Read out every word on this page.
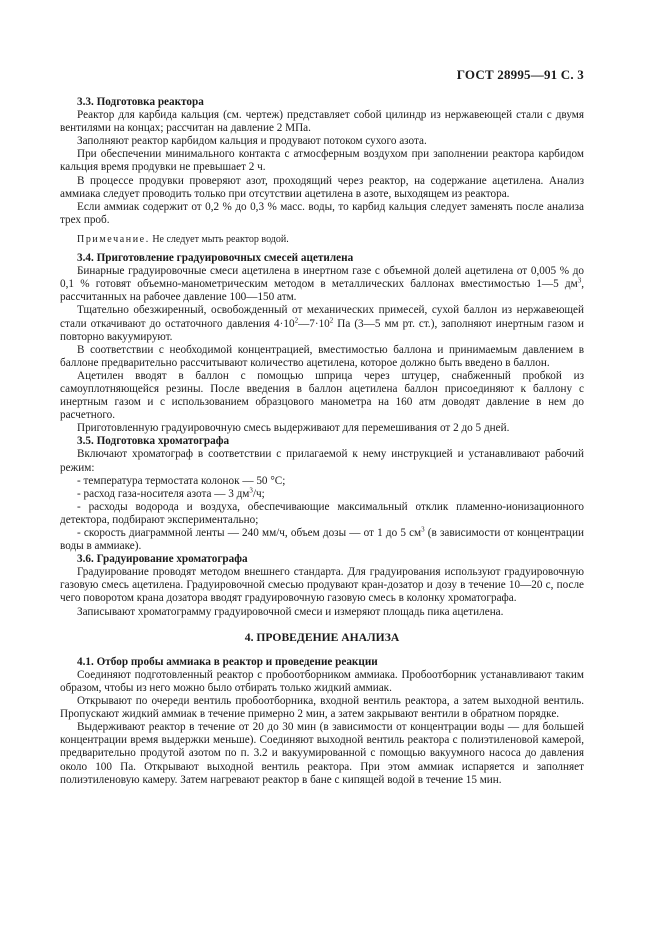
ГОСТ 28995—91 С. 3

3.3. Подготовка реактора

Реактор для карбида кальция (см. чертеж) представляет собой цилиндр из нержавеющей стали с двумя вентилями на концах; рассчитан на давление 2 МПа.

Заполняют реактор карбидом кальция и продувают потоком сухого азота.

При обеспечении минимального контакта с атмосферным воздухом при заполнении реактора карбидом кальция время продувки не превышает 2 ч.

В процессе продувки проверяют азот, проходящий через реактор, на содержание ацетилена. Анализ аммиака следует проводить только при отсутствии ацетилена в азоте, выходящем из реактора.

Если аммиак содержит от 0,2 % до 0,3 % масс. воды, то карбид кальция следует заменять после анализа трех проб.

Примечание. Не следует мыть реактор водой.

3.4. Приготовление градуировочных смесей ацетилена

Бинарные градуировочные смеси ацетилена в инертном газе с объемной долей ацетилена от 0,005 % до 0,1 % готовят объемно-манометрическим методом в металлических баллонах вместимостью 1—5 $дм^3$, рассчитанных на рабочее давление 100—150 атм.

Тщательно обезжиренный, освобожденный от механических примесей, сухой баллон из нержавеющей стали откачивают до остаточного давления $4\cdot 10^2—7\cdot 10^2$ Па (3—5 мм рт. ст.), заполняют инертным газом и повторно вакуумируют.

В соответствии с необходимой концентрацией, вместимостью баллона и принимаемым давлением в баллоне предварительно рассчитывают количество ацетилена, которое должно быть введено в баллон.

Ацетилен вводят в баллон с помощью шприца через штуцер, снабженный пробкой из самоуплотняющейся резины. После введения в баллон ацетилена баллон присоединяют к баллону с инертным газом и с использованием образцового манометра на 160 атм доводят давление в нем до расчетного.

Приготовленную градуировочную смесь выдерживают для перемешивания от 2 до 5 дней.

3.5. Подготовка хроматографа

Включают хроматограф в соответствии с прилагаемой к нему инструкцией и устанавливают рабочий режим:

- температура термостата колонок — 50 °С;

- расход газа-носителя азота — 3 $дм^3/ч$;

- расходы водорода и воздуха, обеспечивающие максимальный отклик пламенно-ионизационного детектора, подбирают экспериментально;

- скорость диаграммной ленты — 240 мм/ч, объем дозы — от 1 до 5 $см^3$ (в зависимости от концентрации воды в аммиаке).

3.6. Градуирование хроматографа

Градуирование проводят методом внешнего стандарта. Для градуирования используют градуировочную газовую смесь ацетилена. Градуировочной смесью продувают кран-дозатор и дозу в течение 10—20 с, после чего поворотом крана дозатора вводят градуировочную газовую смесь в колонку хроматографа.

Записывают хроматограмму градуировочной смеси и измеряют площадь пика ацетилена.

4. ПРОВЕДЕНИЕ АНАЛИЗА

4.1. Отбор пробы аммиака в реактор и проведение реакции

Соединяют подготовленный реактор с пробоотборником аммиака. Пробоотборник устанавливают таким образом, чтобы из него можно было отбирать только жидкий аммиак.

Открывают по очереди вентиль пробоотборника, входной вентиль реактора, а затем выходной вентиль. Пропускают жидкий аммиак в течение примерно 2 мин, а затем закрывают вентили в обратном порядке.

Выдерживают реактор в течение от 20 до 30 мин (в зависимости от концентрации воды — для большей концентрации время выдержки меньше). Соединяют выходной вентиль реактора с полиэтиленовой камерой, предварительно продутой азотом по п. 3.2 и вакуумированной с помощью вакуумного насоса до давления около 100 Па. Открывают выходной вентиль реактора. При этом аммиак испаряется и заполняет полиэтиленовую камеру. Затем нагревают реактор в бане с кипящей водой в течение 15 мин.
